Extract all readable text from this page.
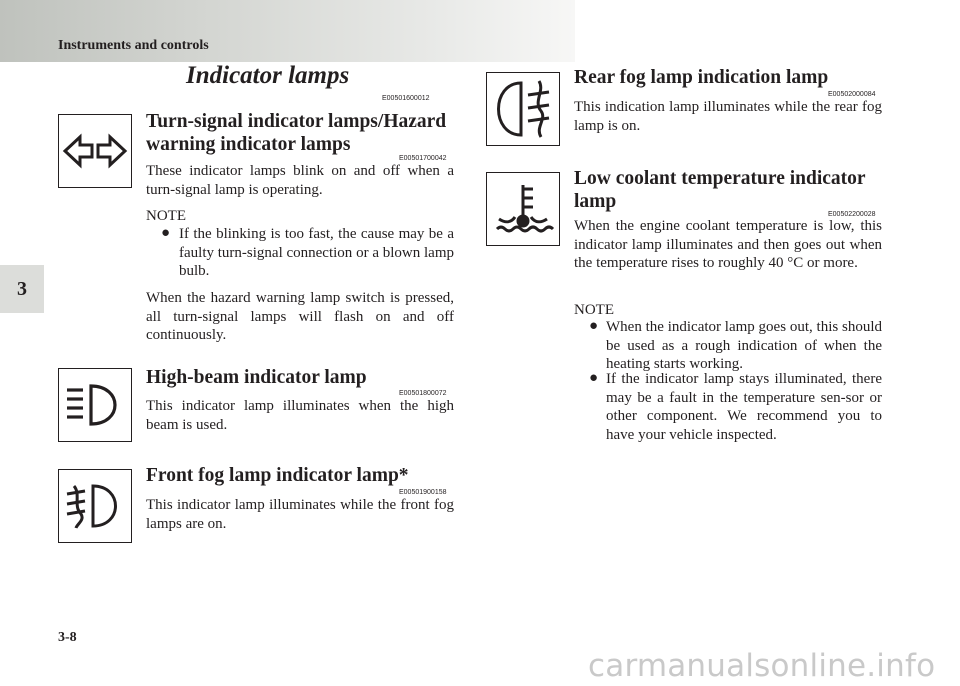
Instruments and controls
3
3-8
carmanualsonline.info
Indicator lamps
E00501600012
Turn-signal indicator lamps/Hazard
warning indicator lamps
E00501700042

These indicator lamps blink on and off when a turn-signal lamp is operating.

NOTE
● If the blinking is too fast, the cause may be a faulty turn-signal connection or a blown lamp bulb.

When the hazard warning lamp switch is pressed, all turn-signal lamps will flash on and off continuously.

High-beam indicator lamp
E00501800072

This indicator lamp illuminates when the high beam is used.

Front fog lamp indicator lamp*
E00501900158

This indicator lamp illuminates while the front fog lamps are on.

Rear fog lamp indication lamp
E00502000084

This indication lamp illuminates while the rear fog lamp is on.

Low coolant temperature indicator
lamp
E00502200028

When the engine coolant temperature is low, this indicator lamp illuminates and then goes out when the temperature rises to roughly 40 °C or more.

NOTE
● When the indicator lamp goes out, this should be used as a rough indication of when the heating starts working.
● If the indicator lamp stays illuminated, there may be a fault in the temperature sen-sor or other component. We recommend you to have your vehicle inspected.
